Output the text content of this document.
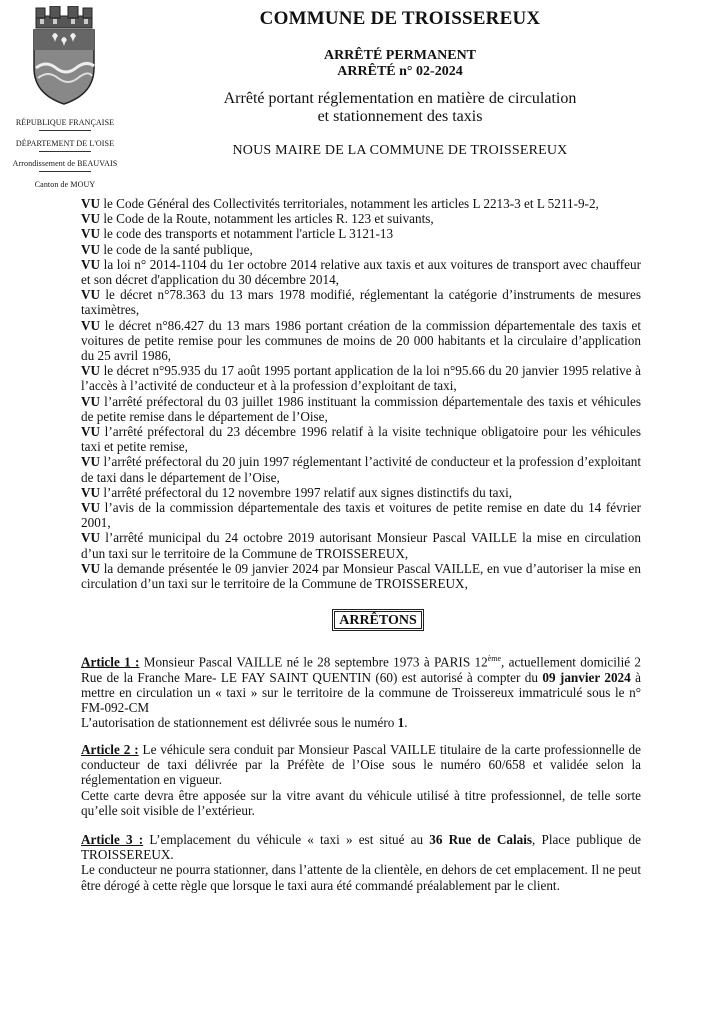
RÉPUBLIQUE FRANÇAISE
DÉPARTEMENT DE L'OISE
Arrondissement de BEAUVAIS
Canton de MOUY
COMMUNE DE TROISSEREUX
ARRÊTÉ PERMANENT
ARRÊTÉ n° 02-2024
Arrêté portant réglementation en matière de circulation
et stationnement des taxis
NOUS MAIRE DE LA COMMUNE DE TROISSEREUX

VU le Code Général des Collectivités territoriales, notamment les articles L 2213-3 et L 5211-9-2,

VU le Code de la Route, notamment les articles R. 123 et suivants,

VU le code des transports et notamment l'article L 3121-13

VU le code de la santé publique,

VU la loi n° 2014-1104 du 1er octobre 2014 relative aux taxis et aux voitures de transport avec chauffeur et son décret d'application du 30 décembre 2014,

VU le décret n°78.363 du 13 mars 1978 modifié, réglementant la catégorie d’instruments de mesures taximètres,

VU le décret n°86.427 du 13 mars 1986 portant création de la commission départementale des taxis et voitures de petite remise pour les communes de moins de 20 000 habitants et la circulaire d’application du 25 avril 1986,

VU le décret n°95.935 du 17 août 1995 portant application de la loi n°95.66 du 20 janvier 1995 relative à l’accès à l’activité de conducteur et à la profession d’exploitant de taxi,

VU l’arrêté préfectoral du 03 juillet 1986 instituant la commission départementale des taxis et véhicules de petite remise dans le département de l’Oise,

VU l’arrêté préfectoral du 23 décembre 1996 relatif à la visite technique obligatoire pour les véhicules taxi et petite remise,

VU l’arrêté préfectoral du 20 juin 1997 réglementant l’activité de conducteur et la profession d’exploitant de taxi dans le département de l’Oise,

VU l’arrêté préfectoral du 12 novembre 1997 relatif aux signes distinctifs du taxi,

VU l’avis de la commission départementale des taxis et voitures de petite remise en date du 14 février 2001,

VU l’arrêté municipal du 24 octobre 2019 autorisant Monsieur Pascal VAILLE la mise en circulation d’un taxi sur le territoire de la Commune de TROISSEREUX,

VU la demande présentée le 09 janvier 2024 par Monsieur Pascal VAILLE, en vue d’autoriser la mise en circulation d’un taxi sur le territoire de la Commune de TROISSEREUX,

ARRÊTONS

Article 1 : Monsieur Pascal VAILLE né le 28 septembre 1973 à PARIS 12ème, actuellement domicilié 2 Rue de la Franche Mare- LE FAY SAINT QUENTIN (60) est autorisé à compter du 09 janvier 2024 à mettre en circulation un « taxi » sur le territoire de la commune de Troissereux immatriculé sous le n° FM-092-CM

L’autorisation de stationnement est délivrée sous le numéro 1.

Article 2 : Le véhicule sera conduit par Monsieur Pascal VAILLE titulaire de la carte professionnelle de conducteur de taxi délivrée par la Préfète de l’Oise sous le numéro 60/658 et validée selon la réglementation en vigueur.

Cette carte devra être apposée sur la vitre avant du véhicule utilisé à titre professionnel, de telle sorte qu’elle soit visible de l’extérieur.

Article 3 : L’emplacement du véhicule « taxi » est situé au 36 Rue de Calais, Place publique de TROISSEREUX.

Le conducteur ne pourra stationner, dans l’attente de la clientèle, en dehors de cet emplacement. Il ne peut être dérogé à cette règle que lorsque le taxi aura été commandé préalablement par le client.
